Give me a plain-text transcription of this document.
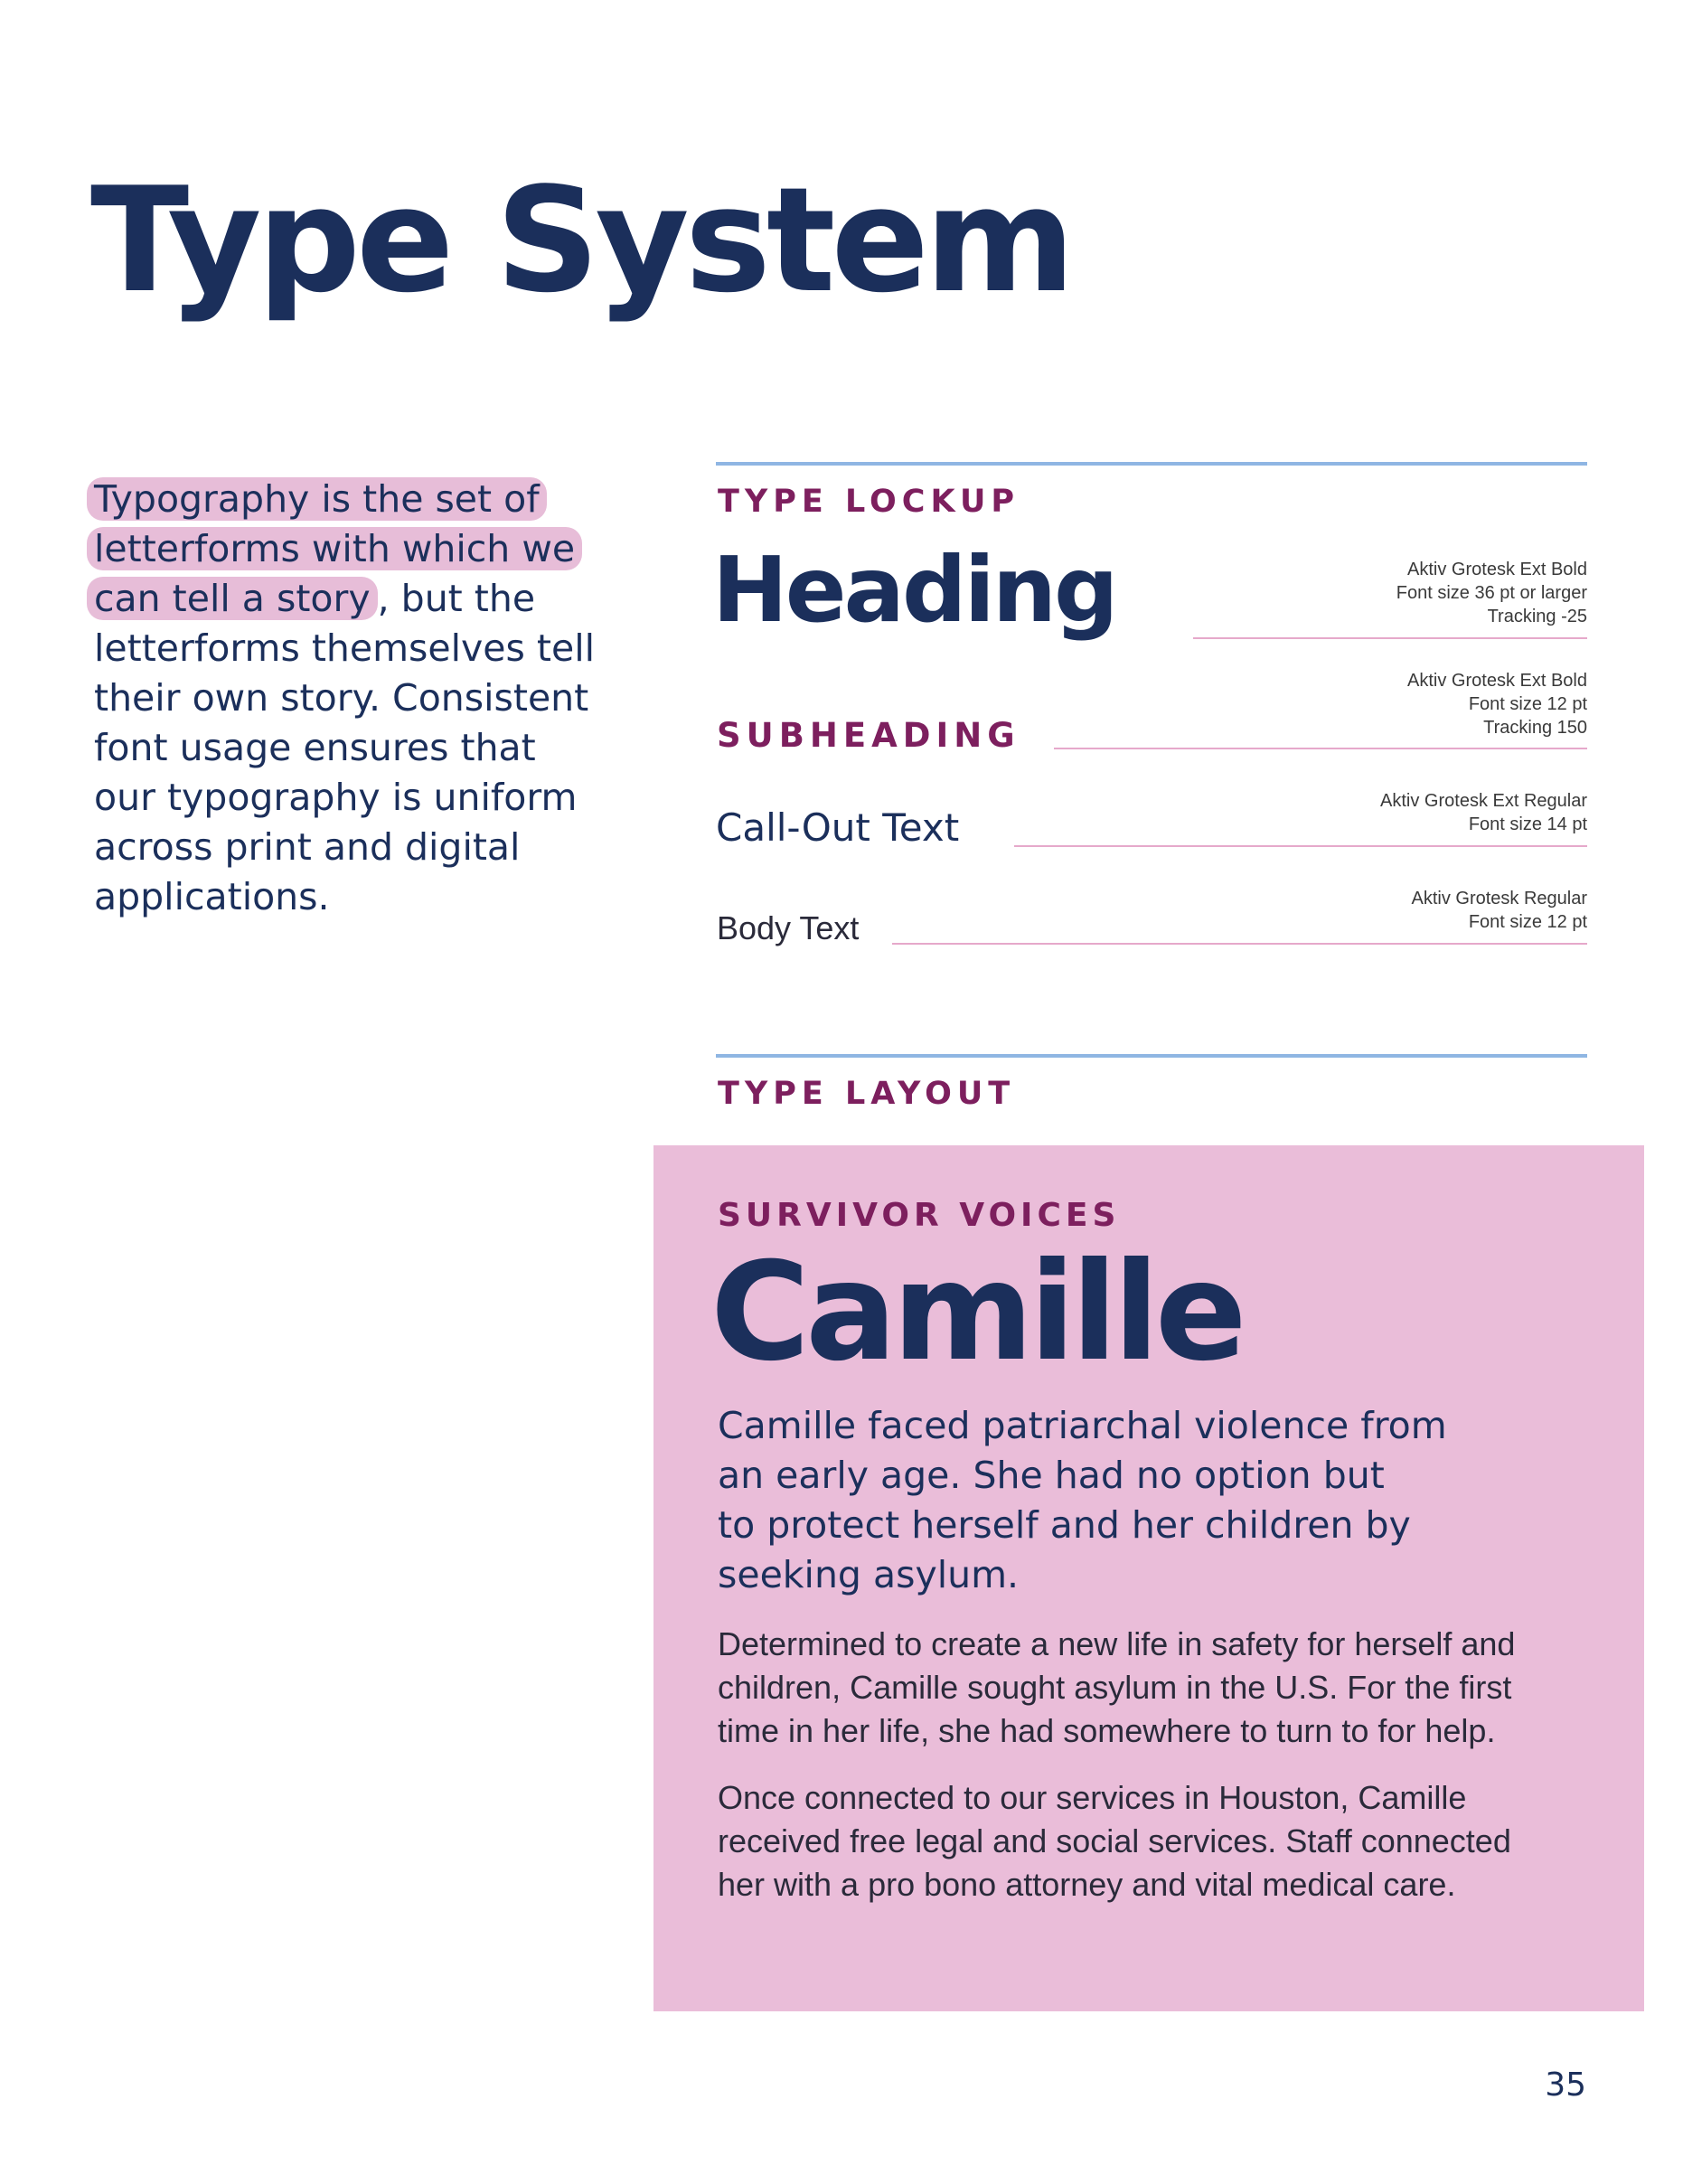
Type System

Typography is the set of
letterforms with which we
can tell a story , but the
letterforms themselves tell
their own story. Consistent
font usage ensures that
our typography is uniform
across print and digital
applications.

TYPE LOCKUP
Heading	Aktiv Grotesk Ext Bold
Font size 36 pt or larger
Tracking -25
SUBHEADING
Aktiv Grotesk Ext Bold
Font size 12 pt
Tracking 150
Call-Out Text
Aktiv Grotesk Ext Regular
Font size 14 pt
Body Text
Aktiv Grotesk Regular
Font size 12 pt
TYPE LAYOUT
SURVIVOR VOICES
Camille

Camille faced patriarchal violence from
an early age. She had no option but
to protect herself and her children by
seeking asylum.

Determined to create a new life in safety for herself and
children, Camille sought asylum in the U.S. For the first
time in her life, she had somewhere to turn to for help.

Once connected to our services in Houston, Camille
received free legal and social services. Staff connected
her with a pro bono attorney and vital medical care.

35
